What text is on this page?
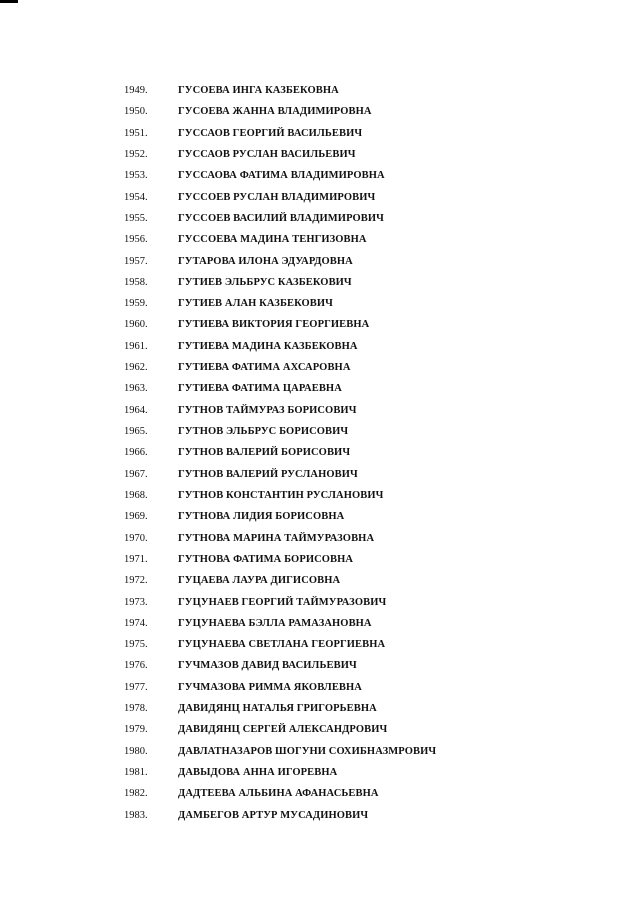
1949.	ГУСОЕВА ИНГА КАЗБЕКОВНА
1950.	ГУСОЕВА ЖАННА ВЛАДИМИРОВНА
1951.	ГУССАОВ ГЕОРГИЙ ВАСИЛЬЕВИЧ
1952.	ГУССАОВ РУСЛАН ВАСИЛЬЕВИЧ
1953.	ГУССАОВА ФАТИМА ВЛАДИМИРОВНА
1954.	ГУССОЕВ РУСЛАН ВЛАДИМИРОВИЧ
1955.	ГУССОЕВ ВАСИЛИЙ ВЛАДИМИРОВИЧ
1956.	ГУССОЕВА МАДИНА ТЕНГИЗОВНА
1957.	ГУТАРОВА ИЛОНА ЭДУАРДОВНА
1958.	ГУТИЕВ ЭЛЬБРУС КАЗБЕКОВИЧ
1959.	ГУТИЕВ АЛАН КАЗБЕКОВИЧ
1960.	ГУТИЕВА ВИКТОРИЯ ГЕОРГИЕВНА
1961.	ГУТИЕВА МАДИНА КАЗБЕКОВНА
1962.	ГУТИЕВА ФАТИМА АХСАРОВНА
1963.	ГУТИЕВА ФАТИМА ЦАРАЕВНА
1964.	ГУТНОВ ТАЙМУРАЗ БОРИСОВИЧ
1965.	ГУТНОВ ЭЛЬБРУС БОРИСОВИЧ
1966.	ГУТНОВ ВАЛЕРИЙ БОРИСОВИЧ
1967.	ГУТНОВ ВАЛЕРИЙ РУСЛАНОВИЧ
1968.	ГУТНОВ КОНСТАНТИН РУСЛАНОВИЧ
1969.	ГУТНОВА ЛИДИЯ БОРИСОВНА
1970.	ГУТНОВА МАРИНА ТАЙМУРАЗОВНА
1971.	ГУТНОВА ФАТИМА БОРИСОВНА
1972.	ГУЦАЕВА ЛАУРА ДИГИСОВНА
1973.	ГУЦУНАЕВ ГЕОРГИЙ ТАЙМУРАЗОВИЧ
1974.	ГУЦУНАЕВА БЭЛЛА РАМАЗАНОВНА
1975.	ГУЦУНАЕВА СВЕТЛАНА ГЕОРГИЕВНА
1976.	ГУЧМАЗОВ ДАВИД ВАСИЛЬЕВИЧ
1977.	ГУЧМАЗОВА РИММА ЯКОВЛЕВНА
1978.	ДАВИДЯНЦ НАТАЛЬЯ ГРИГОРЬЕВНА
1979.	ДАВИДЯНЦ СЕРГЕЙ АЛЕКСАНДРОВИЧ
1980.	ДАВЛАТНАЗАРОВ ШОГУНИ СОХИБНАЗМРОВИЧ
1981.	ДАВЫДОВА АННА ИГОРЕВНА
1982.	ДАДТЕЕВА АЛЬБИНА АФАНАСЬЕВНА
1983.	ДАМБЕГОВ АРТУР МУСАДИНОВИЧ
